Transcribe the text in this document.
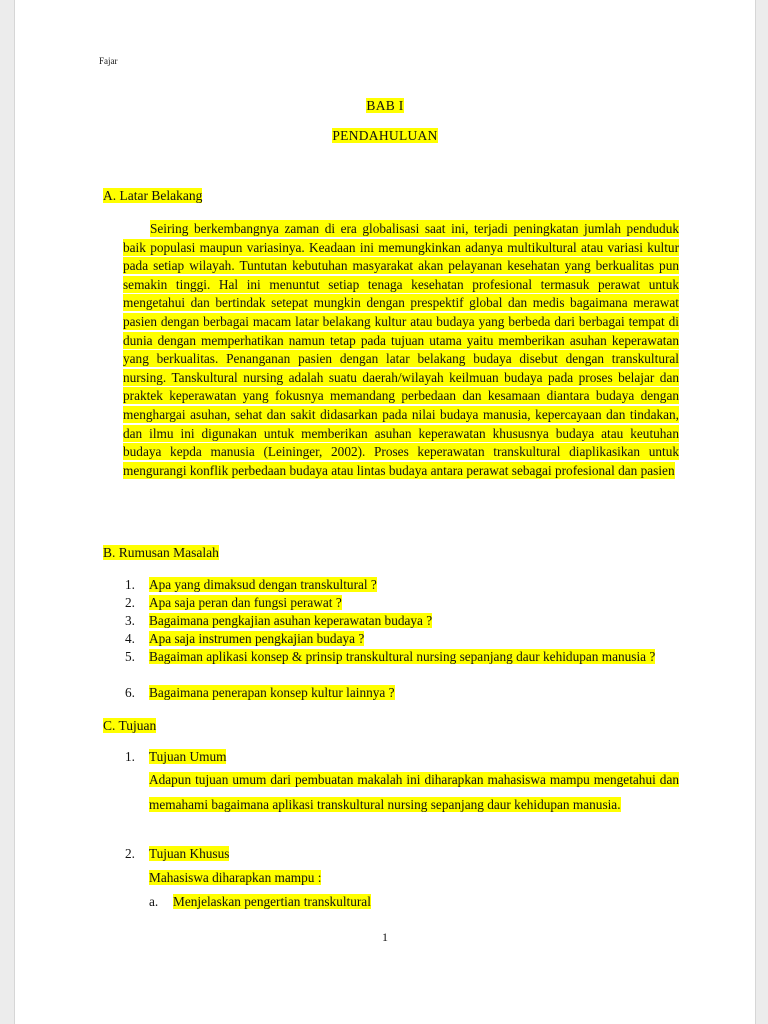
Fajar
BAB I
PENDAHULUAN
A. Latar Belakang
Seiring berkembangnya zaman di era globalisasi saat ini, terjadi peningkatan jumlah penduduk baik populasi maupun variasinya. Keadaan ini memungkinkan adanya multikultural atau variasi kultur pada setiap wilayah. Tuntutan kebutuhan masyarakat akan pelayanan kesehatan yang berkualitas pun semakin tinggi. Hal ini menuntut setiap tenaga kesehatan profesional termasuk perawat untuk mengetahui dan bertindak setepat mungkin dengan prespektif global dan medis bagaimana merawat pasien dengan berbagai macam latar belakang kultur atau budaya yang berbeda dari berbagai tempat di dunia dengan memperhatikan namun tetap pada tujuan utama yaitu memberikan asuhan keperawatan yang berkualitas. Penanganan pasien dengan latar belakang budaya disebut dengan transkultural nursing. Tanskultural nursing adalah suatu daerah/wilayah keilmuan budaya pada proses belajar dan praktek keperawatan yang fokusnya memandang perbedaan dan kesamaan diantara budaya dengan menghargai asuhan, sehat dan sakit didasarkan pada nilai budaya manusia, kepercayaan dan tindakan, dan ilmu ini digunakan untuk memberikan asuhan keperawatan khususnya budaya atau keutuhan budaya kepda manusia (Leininger, 2002). Proses keperawatan transkultural diaplikasikan untuk mengurangi konflik perbedaan budaya atau lintas budaya antara perawat sebagai profesional dan pasien
B. Rumusan Masalah
1. Apa yang dimaksud dengan transkultural ?
2. Apa saja peran dan fungsi perawat ?
3. Bagaimana pengkajian asuhan keperawatan budaya ?
4. Apa saja instrumen pengkajian budaya ?
5. Bagaiman aplikasi konsep & prinsip transkultural nursing sepanjang daur kehidupan manusia ?
6. Bagaimana penerapan konsep kultur lainnya ?
C. Tujuan
1. Tujuan Umum
Adapun tujuan umum dari pembuatan makalah ini diharapkan mahasiswa mampu mengetahui dan memahami bagaimana aplikasi transkultural nursing sepanjang daur kehidupan manusia.
2. Tujuan Khusus
Mahasiswa diharapkan mampu :
a. Menjelaskan pengertian transkultural
1
